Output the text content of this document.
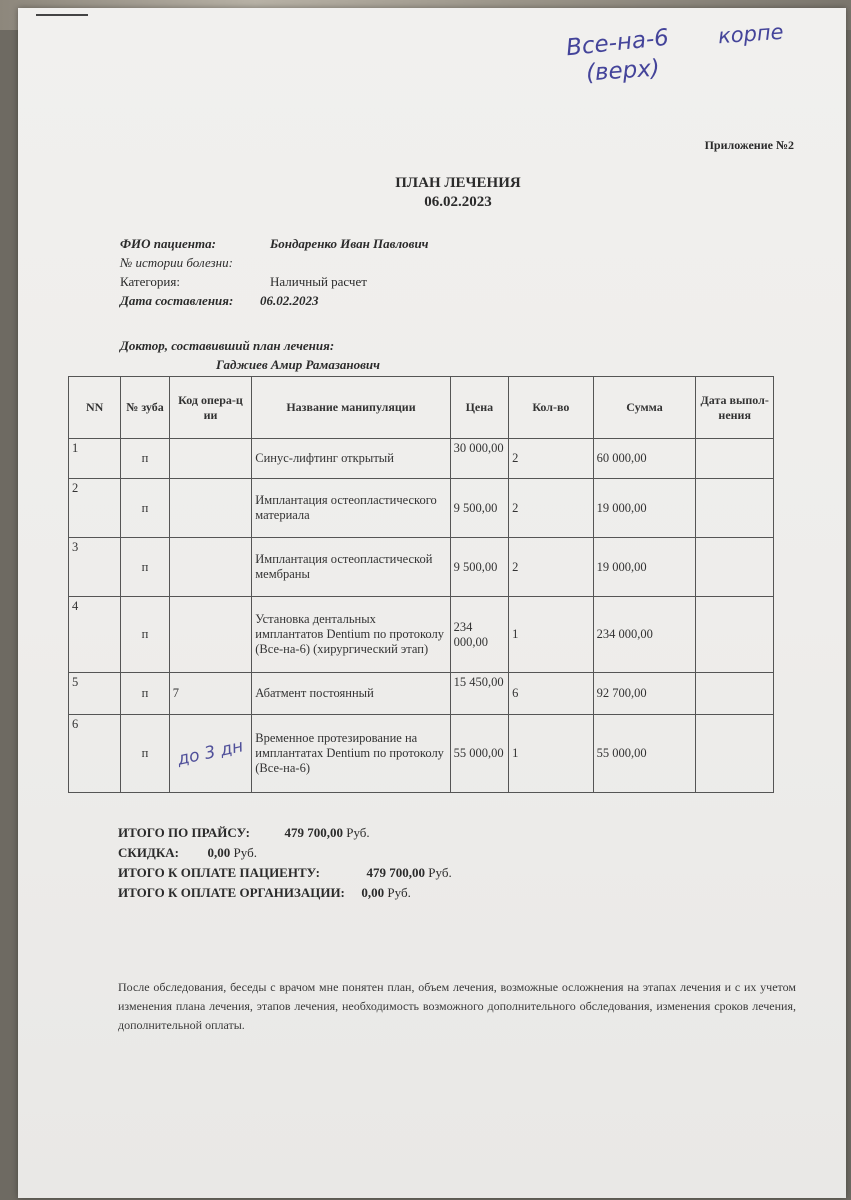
Все-на-6 корпе
(верх)
Приложение №2
ПЛАН ЛЕЧЕНИЯ
06.02.2023
ФИО пациента:	Бондаренко Иван Павлович
№ истории болезни:
Категория:	Наличный расчет
Дата составления:	06.02.2023
Доктор, составивший план лечения:
Гаджиев Амир Рамазанович
NN	№ зуба	Код опера-ц ии	Название манипуляции	Цена	Кол-во	Сумма	Дата выпол-нения
1	п		Синус-лифтинг открытый	30 000,00	2	60 000,00	
2	п		Имплантация остеопластического материала	9 500,00	2	19 000,00	
3	п		Имплантация остеопластической мембраны	9 500,00	2	19 000,00	
4	п		Установка дентальных имплантатов Dentium по протоколу (Все-на-6) (хирургический этап)	234 000,00	1	234 000,00	
5	п	7	Абатмент постоянный	15 450,00	6	92 700,00	
6	п	до 3 дн	Временное протезирование на имплантатах Dentium по протоколу (Все-на-6)	55 000,00	1	55 000,00	
ИТОГО ПО ПРАЙСУ:	479 700,00 Руб.
СКИДКА: 0,00 Руб.
ИТОГО К ОПЛАТЕ ПАЦИЕНТУ:	479 700,00 Руб.
ИТОГО К ОПЛАТЕ ОРГАНИЗАЦИИ: 0,00 Руб.
После обследования, беседы с врачом мне понятен план, объем лечения, возможные осложнения на этапах лечения и с их учетом изменения плана лечения, этапов лечения, необходимость возможного дополнительного обследования, изменения сроков лечения, дополнительной оплаты.
